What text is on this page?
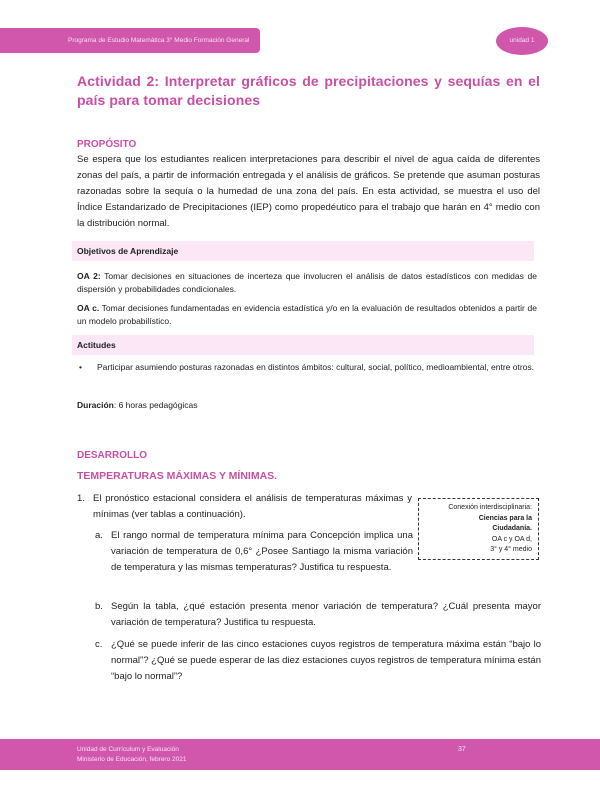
Programa de Estudio Matemática 3° Medio Formación General	unidad 1
Actividad 2: Interpretar gráficos de precipitaciones y sequías en el país para tomar decisiones
PROPÓSITO

Se espera que los estudiantes realicen interpretaciones para describir el nivel de agua caída de diferentes zonas del país, a partir de información entregada y el análisis de gráficos. Se pretende que asuman posturas razonadas sobre la sequía o la humedad de una zona del país. En esta actividad, se muestra el uso del Índice Estandarizado de Precipitaciones (IEP) como propedéutico para el trabajo que harán en 4° medio con la distribución normal.

Objetivos de Aprendizaje

OA 2: Tomar decisiones en situaciones de incerteza que involucren el análisis de datos estadísticos con medidas de dispersión y probabilidades condicionales.

OA c. Tomar decisiones fundamentadas en evidencia estadística y/o en la evaluación de resultados obtenidos a partir de un modelo probabilístico.

Actitudes
• Participar asumiendo posturas razonadas en distintos ámbitos: cultural, social, político, medioambiental, entre otros.

Duración: 6 horas pedagógicas

DESARROLLO
TEMPERATURAS MÁXIMAS Y MÍNIMAS.
1. El pronóstico estacional considera el análisis de temperaturas máximas y mínimas (ver tablas a continuación).
a. El rango normal de temperatura mínima para Concepción implica una variación de temperatura de 0,6° ¿Posee Santiago la misma variación de temperatura y las mismas temperaturas? Justifica tu respuesta.
b. Según la tabla, ¿qué estación presenta menor variación de temperatura? ¿Cuál presenta mayor variación de temperatura? Justifica tu respuesta.
c. ¿Qué se puede inferir de las cinco estaciones cuyos registros de temperatura máxima están “bajo lo normal”? ¿Qué se puede esperar de las diez estaciones cuyos registros de temperatura mínima están “bajo lo normal”?
Conexión interdisciplinaria:
Ciencias para la
Ciudadanía.
OA c y OA d,
3° y 4° medio
Unidad de Currículum y Evaluación
Ministerio de Educación, febrero 2021
37
